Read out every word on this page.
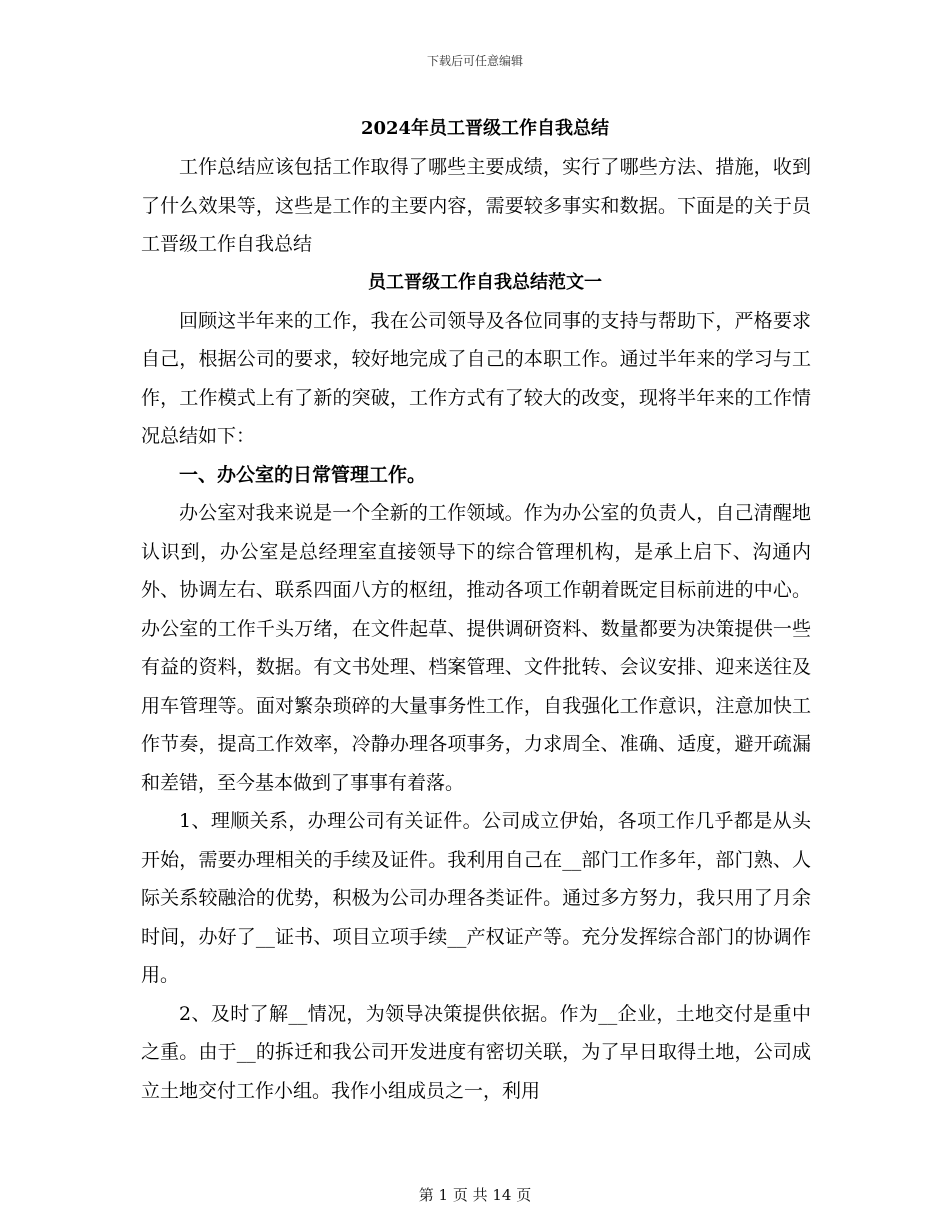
下载后可任意编辑
2024年员工晋级工作自我总结

工作总结应该包括工作取得了哪些主要成绩，实行了哪些方法、措施，收到了什么效果等，这些是工作的主要内容，需要较多事实和数据。下面是的关于员工晋级工作自我总结

员工晋级工作自我总结范文一

回顾这半年来的工作，我在公司领导及各位同事的支持与帮助下，严格要求自己，根据公司的要求，较好地完成了自己的本职工作。通过半年来的学习与工作，工作模式上有了新的突破，工作方式有了较大的改变，现将半年来的工作情况总结如下：

一、办公室的日常管理工作。

办公室对我来说是一个全新的工作领域。作为办公室的负责人，自己清醒地认识到，办公室是总经理室直接领导下的综合管理机构，是承上启下、沟通内外、协调左右、联系四面八方的枢纽，推动各项工作朝着既定目标前进的中心。办公室的工作千头万绪，在文件起草、提供调研资料、数量都要为决策提供一些有益的资料，数据。有文书处理、档案管理、文件批转、会议安排、迎来送往及用车管理等。面对繁杂琐碎的大量事务性工作，自我强化工作意识，注意加快工作节奏，提高工作效率，冷静办理各项事务，力求周全、准确、适度，避开疏漏和差错，至今基本做到了事事有着落。

1、理顺关系，办理公司有关证件。公司成立伊始，各项工作几乎都是从头开始，需要办理相关的手续及证件。我利用自己在__部门工作多年，部门熟、人际关系较融洽的优势，积极为公司办理各类证件。通过多方努力，我只用了月余时间，办好了__证书、项目立项手续__产权证产等。充分发挥综合部门的协调作用。

2、及时了解__情况，为领导决策提供依据。作为__企业，土地交付是重中之重。由于__的拆迁和我公司开发进度有密切关联，为了早日取得土地，公司成立土地交付工作小组。我作小组成员之一，利用

第 1 页 共 14 页
